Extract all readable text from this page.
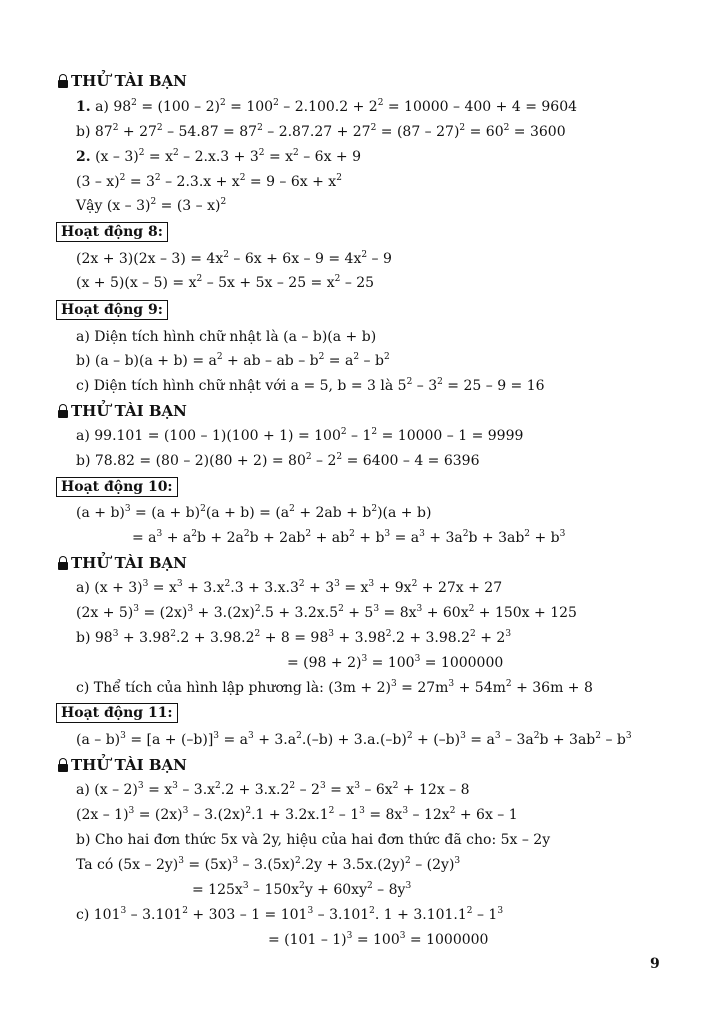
THỬ TÀI BẠN
1. a) $98^2 = (100 - 2)^2 = 100^2 - 2.100.2 + 2^2 = 10000 - 400 + 4 = 9604$
b) $87^2 + 27^2 - 54.87 = 87^2 - 2.87.27 + 27^2 = (87 - 27)^2 = 60^2 = 3600$
2. $(x - 3)^2 = x^2 - 2.x.3 + 3^2 = x^2 - 6x + 9$
$(3 - x)^2 = 3^2 - 2.3.x + x^2 = 9 - 6x + x^2$
Vậy (x – 3)$^2$ = (3 – x)$^2$
Hoạt động 8:
$(2x + 3)(2x - 3) = 4x^2 - 6x + 6x - 9 = 4x^2 - 9$
$(x + 5)(x - 5) = x^2 - 5x + 5x - 25 = x^2 - 25$
Hoạt động 9:
a) Diện tích hình chữ nhật là (a – b)(a + b)
b) $(a - b)(a + b) = a^2$ + ab – ab – $b^2 = a^2 - b^2$
c) Diện tích hình chữ nhật với a = 5, b = 3 là $5^2 - 3^2 = 25 - 9 = 16$
THỬ TÀI BẠN
a) $99.101 = (100 - 1)(100 + 1) = 100^2 - 1^2 = 10000 - 1 = 9999$
b) $78.82 = (80 - 2)(80 + 2) = 80^2 - 2^2 = 6400 - 4 = 6396$
Hoạt động 10:
$(a + b)^3 = (a + b)^2(a + b) = (a^2 + 2ab + b^2)(a + b)$
= $a^3 + a^2b + 2a^2b + 2ab^2 + ab^2 + b^3 = a^3 + 3a^2b + 3ab^2 + b^3$
THỬ TÀI BẠN
a) $(x + 3)^3 = x^3 + 3.x^2.3 + 3.x.3^2 + 3^3 = x^3 + 9x^2 + 27x + 27$
$(2x + 5)^3 = (2x)^3 + 3.(2x)^2.5 + 3.2x.5^2 + 5^3 = 8x^3 + 60x^2 + 150x + 125$
b) $98^3 + 3.98^2.2 + 3.98.2^2 + 8 = 98^3 + 3.98^2.2 + 3.98.2^2 + 2^3$
= $(98 + 2)^3 = 100^3 = 1000000$
c) Thể tích của hình lập phương là: $(3m + 2)^3 = 27m^3 + 54m^2 + 36m + 8$
Hoạt động 11:
$(a - b)^3 = [a + (-b)]^3 = a^3 + 3.a^2.(-b) + 3.a.(-b)^2 + (-b)^3 = a^3 - 3a^2b + 3ab^2 - b^3$
THỬ TÀI BẠN
a) $(x - 2)^3 = x^3 - 3.x^2.2 + 3.x.2^2 - 2^3 = x^3 - 6x^2 + 12x - 8$
$(2x - 1)^3 = (2x)^3 - 3.(2x)^2.1 + 3.2x.1^2 - 1^3 = 8x^3 - 12x^2 + 6x - 1$
b) Cho hai đơn thức 5x và 2y, hiệu của hai đơn thức đã cho: 5x – 2y
Ta có $(5x - 2y)^3 = (5x)^3 - 3.(5x)^2.2y + 3.5x.(2y)^2 - (2y)^3$
= $125x^3 - 150x^2y + 60xy^2 - 8y^3$
c) $101^3 - 3.101^2 + 303 - 1 = 101^3 - 3.101^2$. $1 + 3.101.1^2 - 1^3$
= $(101 - 1)^3 = 100^3 = 1000000$
9
